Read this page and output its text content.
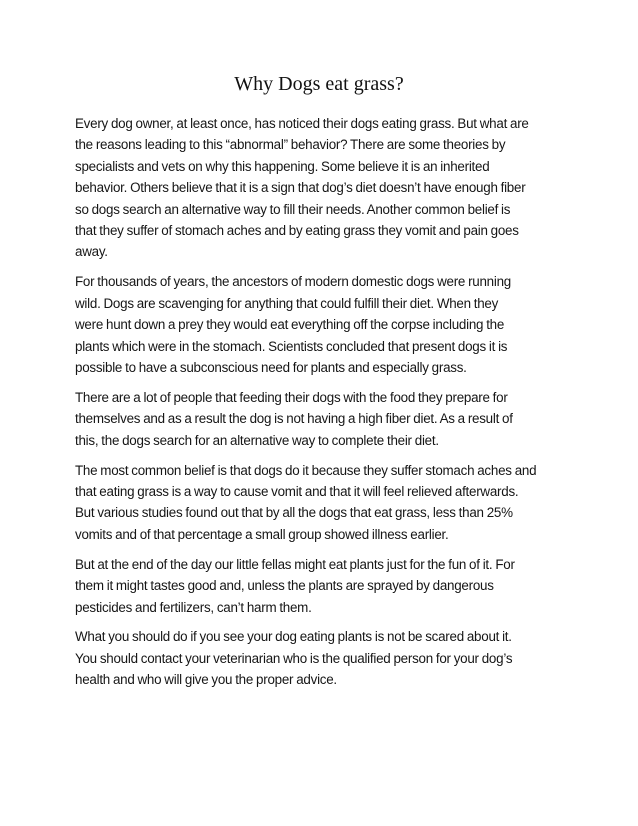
Why Dogs eat grass?

Every dog owner, at least once, has noticed their dogs eating grass. But what are
the reasons leading to this “abnormal” behavior? There are some theories by
specialists and vets on why this happening. Some believe it is an inherited
behavior. Others believe that it is a sign that dog’s diet doesn’t have enough fiber
so dogs search an alternative way to fill their needs. Another common belief is
that they suffer of stomach aches and by eating grass they vomit and pain goes
away.

For thousands of years, the ancestors of modern domestic dogs were running
wild. Dogs are scavenging for anything that could fulfill their diet. When they
were hunt down a prey they would eat everything off the corpse including the
plants which were in the stomach. Scientists concluded that present dogs it is
possible to have a subconscious need for plants and especially grass.

There are a lot of people that feeding their dogs with the food they prepare for
themselves and as a result the dog is not having a high fiber diet. As a result of
this, the dogs search for an alternative way to complete their diet.

The most common belief is that dogs do it because they suffer stomach aches and
that eating grass is a way to cause vomit and that it will feel relieved afterwards.
But various studies found out that by all the dogs that eat grass, less than 25%
vomits and of that percentage a small group showed illness earlier.

But at the end of the day our little fellas might eat plants just for the fun of it. For
them it might tastes good and, unless the plants are sprayed by dangerous
pesticides and fertilizers, can’t harm them.

What you should do if you see your dog eating plants is not be scared about it.
You should contact your veterinarian who is the qualified person for your dog’s
health and who will give you the proper advice.
